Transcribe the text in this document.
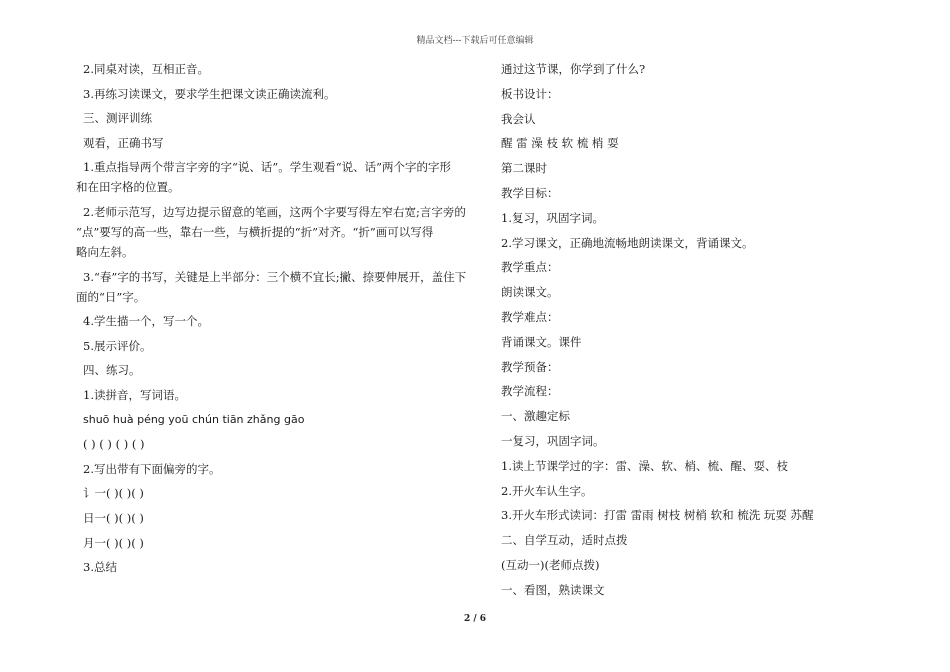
精品文档---下载后可任意编辑
2.同桌对读，互相正音。
3.再练习读课文，要求学生把课文读正确读流利。
三、测评训练
观看，正确书写
1.重点指导两个带言字旁的字“说、话”。学生观看“说、话”两个字的字形
和在田字格的位置。
2.老师示范写，边写边提示留意的笔画，这两个字要写得左窄右宽;言字旁的
“点”要写的高一些，靠右一些，与横折提的“折”对齐。“折”画可以写得
略向左斜。
3.“春”字的书写，关键是上半部分：三个横不宜长;撇、捺要伸展开，盖住下
面的“日”字。
4.学生描一个，写一个。
5.展示评价。
四、练习。
1.读拼音，写词语。
shuō huà péng yoū chún tiān zhǎng gāo
( ) ( ) ( ) ( )
2.写出带有下面偏旁的字。
讠一( )( )( )
日一( )( )( )
月一( )( )( )
3.总结
通过这节课，你学到了什么?
板书设计：
我会认
醒 雷 澡 枝 软 梳 梢 耍
第二课时
教学目标：
1.复习，巩固字词。
2.学习课文，正确地流畅地朗读课文，背诵课文。
教学重点：
朗读课文。
教学难点：
背诵课文。课件
教学预备：
教学流程：
一、激趣定标
一复习，巩固字词。
1.读上节课学过的字：雷、澡、软、梢、梳、醒、耍、枝
2.开火车认生字。
3.开火车形式读词：打雷 雷雨 树枝 树梢 软和 梳洗 玩耍 苏醒
二、自学互动，适时点拨
(互动一)(老师点拨)
一、看图，熟读课文
2 / 6
